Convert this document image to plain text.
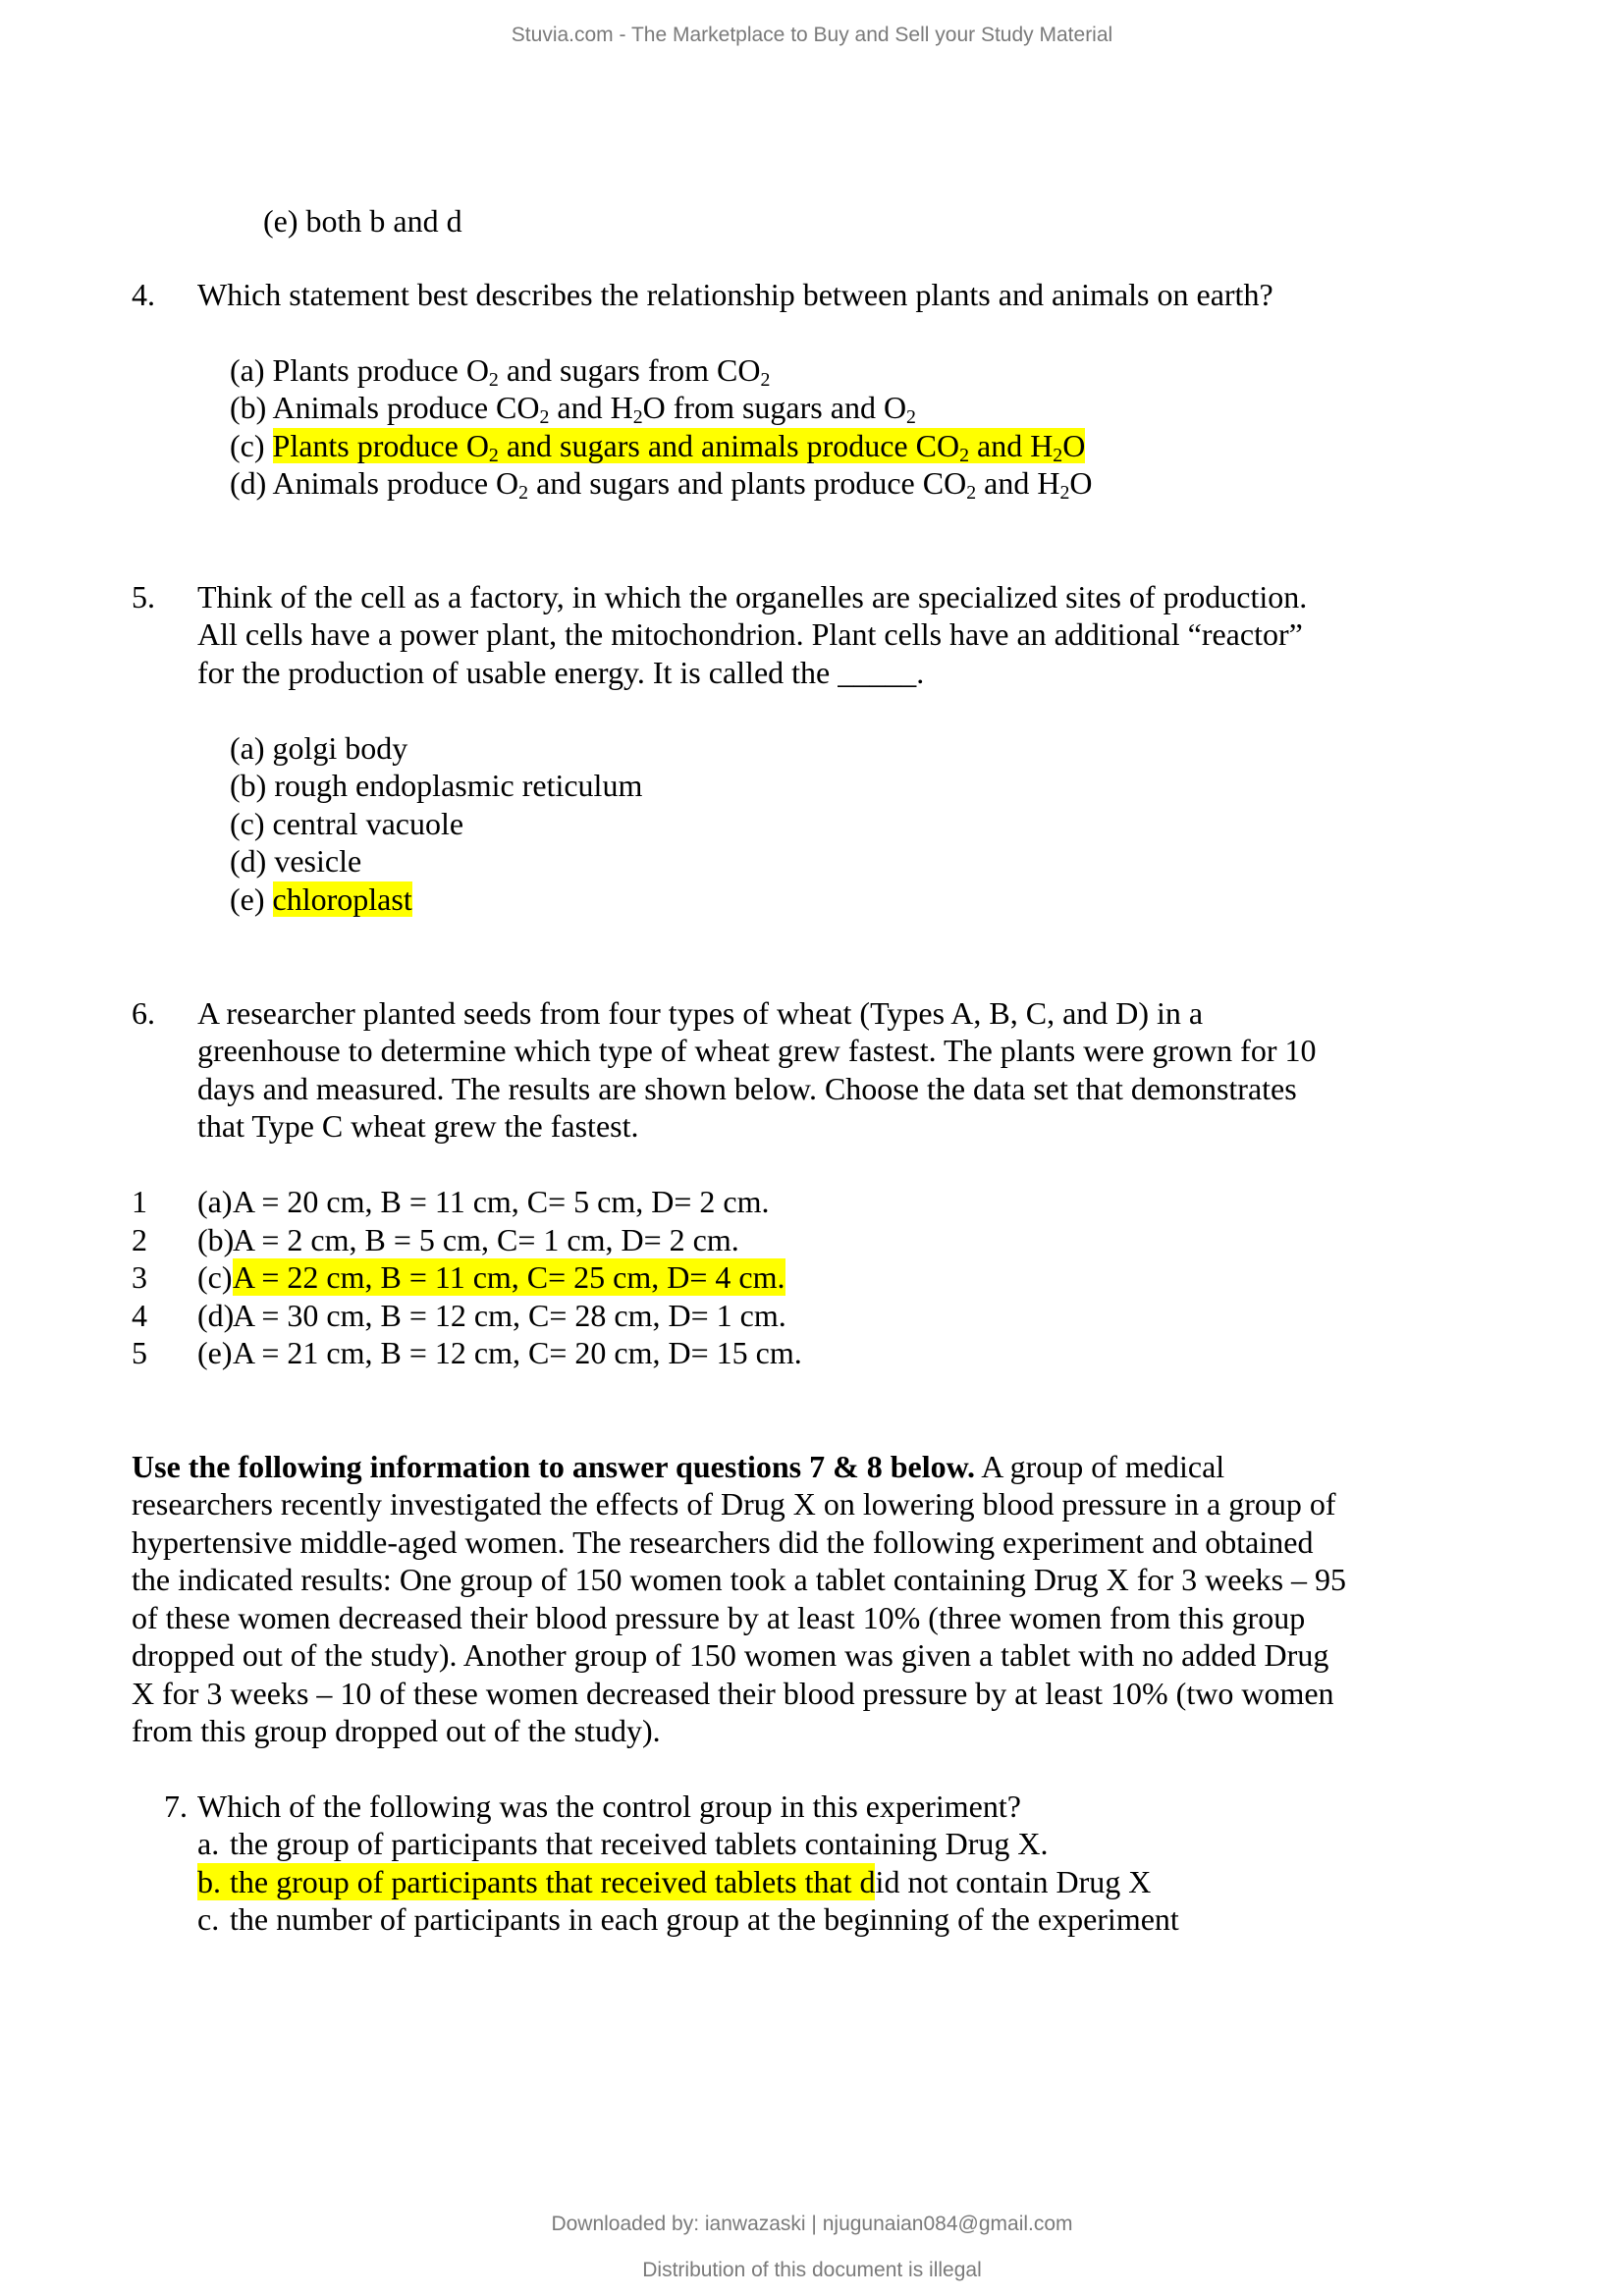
Stuvia.com - The Marketplace to Buy and Sell your Study Material
(e) both b and d
4. Which statement best describes the relationship between plants and animals on earth?
(a) Plants produce $O_2$ and sugars from $CO_2$
(b) Animals produce $CO_2$ and $H_2O$ from sugars and $O_2$
(c) Plants produce $O_2$ and sugars and animals produce $CO_2$ and $H_2O$
(d) Animals produce $O_2$ and sugars and plants produce $CO_2$ and $H_2O$
5. Think of the cell as a factory, in which the organelles are specialized sites of production.
All cells have a power plant, the mitochondrion. Plant cells have an additional “reactor”
for the production of usable energy. It is called the _____.
(a) golgi body
(b) rough endoplasmic reticulum
(c) central vacuole
(d) vesicle
(e) chloroplast
6. A researcher planted seeds from four types of wheat (Types A, B, C, and D) in a
greenhouse to determine which type of wheat grew fastest. The plants were grown for 10
days and measured. The results are shown below. Choose the data set that demonstrates
that Type C wheat grew the fastest.
1 (a) A = 20 cm, B = 11 cm, C= 5 cm, D= 2 cm.
2 (b)
A = 2 cm, B = 5 cm, C= 1 cm, D= 2 cm.
3 (c) A = 22 cm, B = 11 cm, C= 25 cm, D= 4 cm.
4 (d)
A = 30 cm, B = 12 cm, C= 28 cm, D= 1 cm.
5 (e) A = 21 cm, B = 12 cm, C= 20 cm, D= 15 cm.
Use the following information to answer questions 7 & 8 below. A group of medical
researchers recently investigated the effects of Drug X on lowering blood pressure in a group of
hypertensive middle-aged women. The researchers did the following experiment and obtained
the indicated results: One group of 150 women took a tablet containing Drug X for 3 weeks – 95
of these women decreased their blood pressure by at least 10% (three women from this group
dropped out of the study). Another group of 150 women was given a tablet with no added Drug
X for 3 weeks – 10 of these women decreased their blood pressure by at least 10% (two women
from this group dropped out of the study).
7. Which of the following was the control group in this experiment?
a. the group of participants that received tablets containing Drug X.
b. the group of participants that received tablets that did not contain Drug X
c. the number of participants in each group at the beginning of the experiment
Downloaded by: ianwazaski | njugunaian084@gmail.com
Distribution of this document is illegal
